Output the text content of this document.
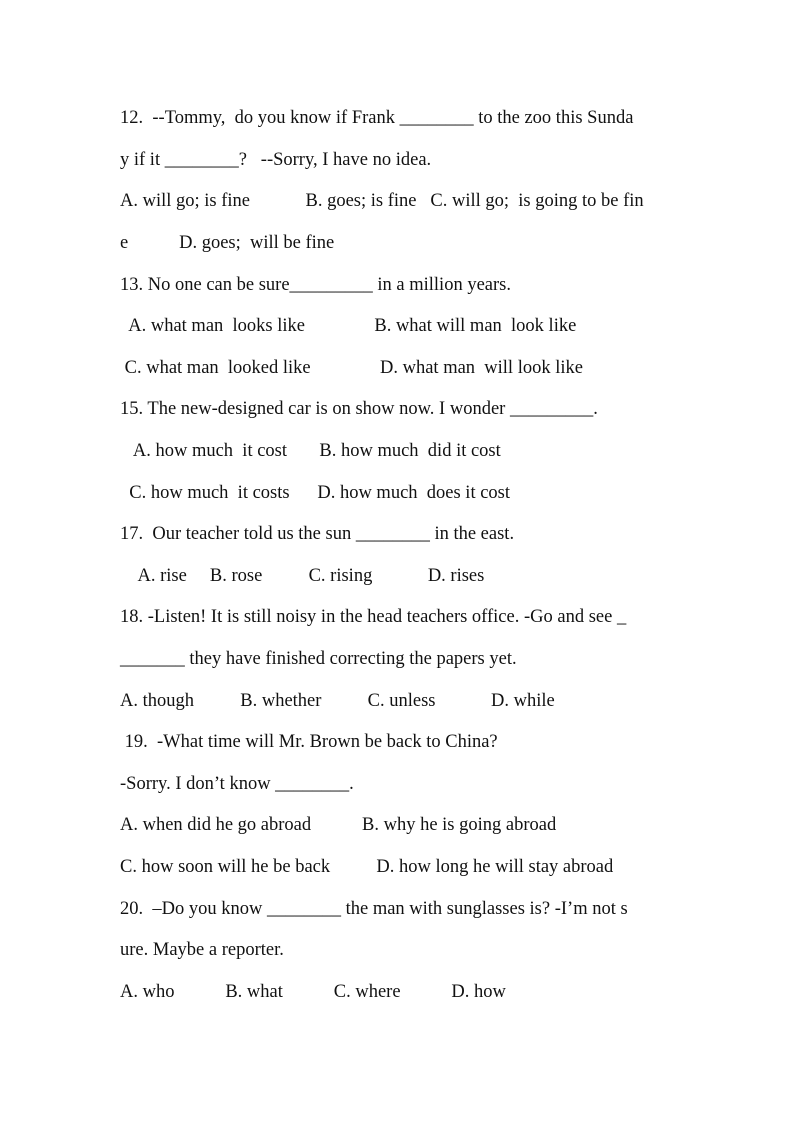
12.  --Tommy,  do you know if Frank ________ to the zoo this Sunda
y if it ________?   --Sorry, I have no idea.
A. will go; is fine            B. goes; is fine   C. will go;  is going to be fin
e           D. goes;  will be fine
13. No one can be sure_________ in a million years.
A. what man  looks like               B. what will man  look like
C. what man  looked like               D. what man  will look like
15. The new-designed car is on show now. I wonder _________.
A. how much  it cost       B. how much  did it cost
C. how much  it costs      D. how much  does it cost
17.  Our teacher told us the sun ________ in the east.
A. rise     B. rose          C. rising            D. rises
18. -Listen! It is still noisy in the head teachers office. -Go and see _
_______ they have finished correcting the papers yet.
A. though          B. whether          C. unless            D. while
19.  -What time will Mr. Brown be back to China?
-Sorry. I don’t know ________.
A. when did he go abroad           B. why he is going abroad
C. how soon will he be back          D. how long he will stay abroad
20.  –Do you know ________ the man with sunglasses is? -I’m not s
ure. Maybe a reporter.
A. who           B. what           C. where           D. how
